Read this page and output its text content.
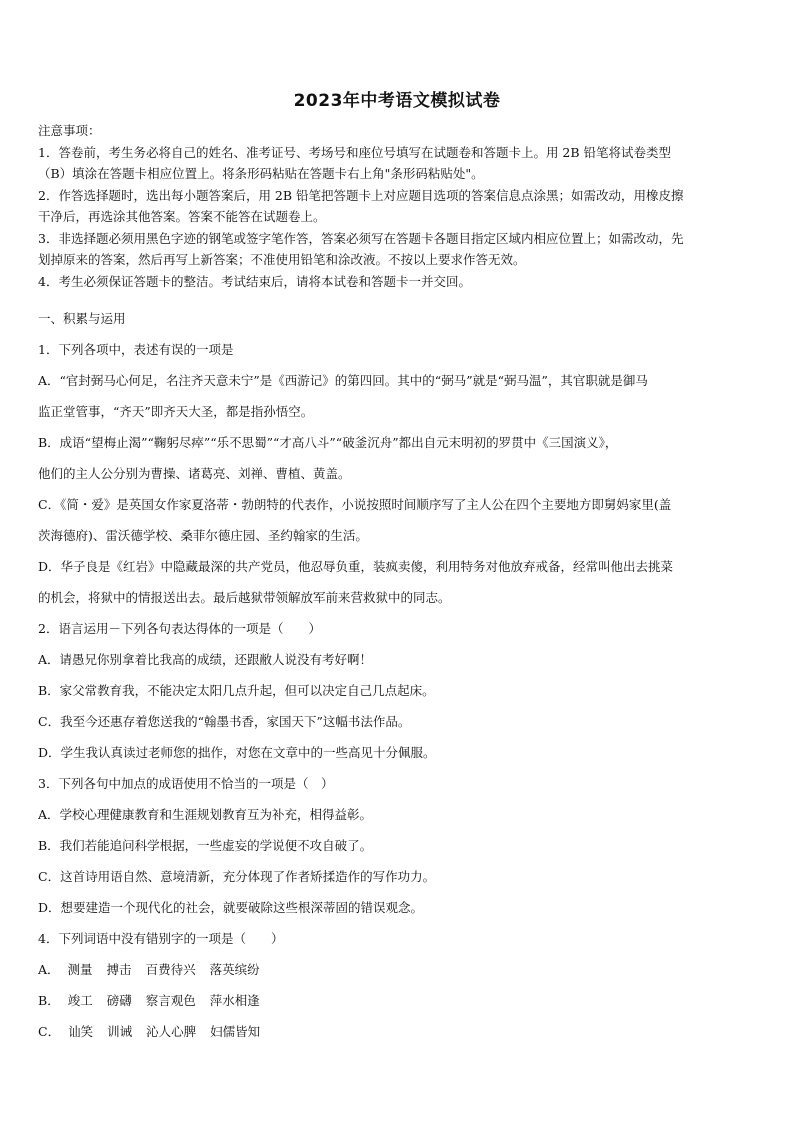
2023年中考语文模拟试卷
注意事项：
1．答卷前，考生务必将自己的姓名、准考证号、考场号和座位号填写在试题卷和答题卡上。用 2B 铅笔将试卷类型
（B）填涂在答题卡相应位置上。将条形码粘贴在答题卡右上角"条形码粘贴处"。
2．作答选择题时，选出每小题答案后，用 2B 铅笔把答题卡上对应题目选项的答案信息点涂黑；如需改动，用橡皮擦
干净后，再选涂其他答案。答案不能答在试题卷上。
3．非选择题必须用黑色字迹的钢笔或签字笔作答，答案必须写在答题卡各题目指定区域内相应位置上；如需改动，先
划掉原来的答案，然后再写上新答案；不准使用铅笔和涂改液。不按以上要求作答无效。
4．考生必须保证答题卡的整洁。考试结束后，请将本试卷和答题卡一并交回。
一、积累与运用
1．下列各项中，表述有误的一项是
A．“官封弼马心何足，名注齐天意未宁”是《西游记》的第四回。其中的“弼马”就是“弼马温”，其官职就是御马
监正堂管事，“齐天”即齐天大圣，都是指孙悟空。
B．成语“望梅止渴”“鞠躬尽瘁”“乐不思蜀”“才高八斗”“破釜沉舟”都出自元末明初的罗贯中《三国演义》，
他们的主人公分别为曹操、诸葛亮、刘禅、曹植、黄盖。
C．《简・爱》是英国女作家夏洛蒂・勃朗特的代表作，小说按照时间顺序写了主人公在四个主要地方即舅妈家里(盖
茨海德府)、雷沃德学校、桑菲尔德庄园、圣约翰家的生活。
D．华子良是《红岩》中隐藏最深的共产党员，他忍辱负重，装疯卖傻，利用特务对他放弃戒备，经常叫他出去挑菜
的机会，将狱中的情报送出去。最后越狱带领解放军前来营救狱中的同志。
2．语言运用－下列各句表达得体的一项是（　　）
A．请愚兄你别拿着比我高的成绩，还跟敝人说没有考好啊！
B．家父常教育我，不能决定太阳几点升起，但可以决定自己几点起床。
C．我至今还惠存着您送我的“翰墨书香，家国天下”这幅书法作品。
D．学生我认真读过老师您的拙作，对您在文章中的一些高见十分佩服。
3．下列各句中加点的成语使用不恰当的一项是（　）
A．学校心理健康教育和生涯规划教育互为补充，相得益彰。
B．我们若能追问科学根据，一些虚妄的学说便不攻自破了。
C．这首诗用语自然、意境清新，充分体现了作者矫揉造作的写作功力。
D．想要建造一个现代化的社会，就要破除这些根深蒂固的错误观念。
4．下列词语中没有错别字的一项是（　　）
A． 测量 搏击 百费待兴 落英缤纷
B． 竣工 磅礴 察言观色 萍水相逢
C． 讪笑 训诫 沁人心脾 妇儒皆知
